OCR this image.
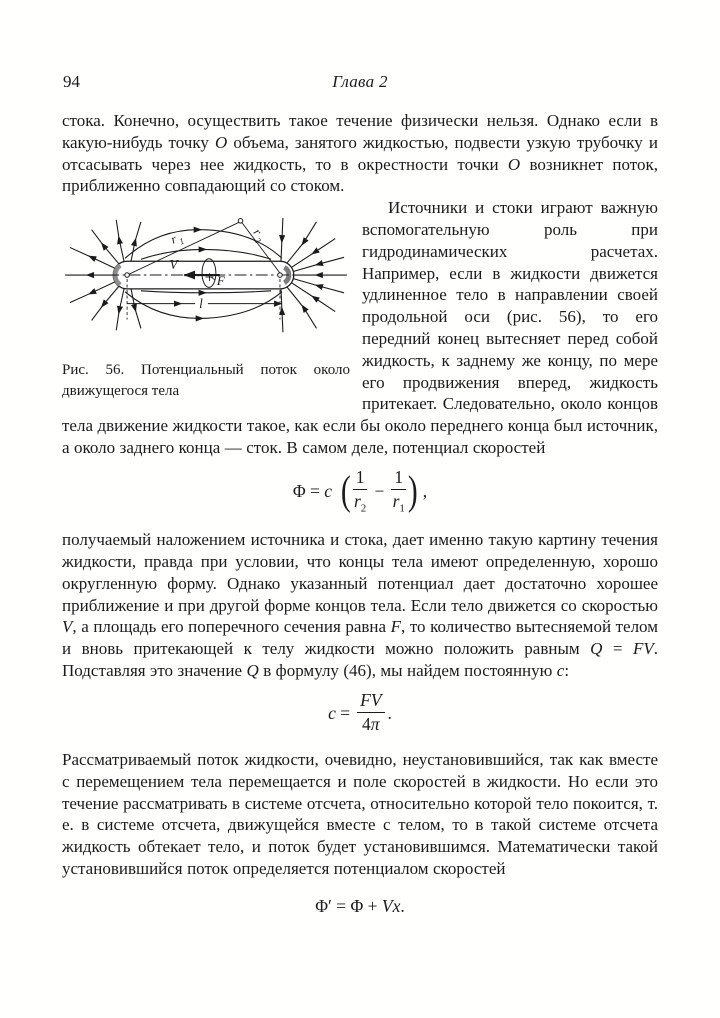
94	Глава 2

стока. Конечно, осуществить такое течение физически нельзя. Однако если в какую-нибудь точку O объема, занятого жидкостью, подвести узкую трубочку и отсасывать через нее жидкость, то в окрестности точки O возникнет поток, приближенно совпадающий со стоком.

r 1
r
2
V
F
l

Рис. 56. Потенциальный поток около движущегося тела

Источники и стоки играют важную вспомогательную роль при гидродинамических расчетах. Например, если в жидкости движется удлиненное тело в направлении своей продольной оси (рис. 56), то его передний конец вытесняет перед собой жидкость, к заднему же концу, по мере его продвижения вперед, жидкость притекает. Следовательно, около концов тела движение жидкости такое, как если бы около переднего конца был источник, а около заднего конца — сток. В самом деле, потенциал скоростей

Φ = c ( $\frac{1}{r_2} - \frac{1}{r_1}$ ) ,

получаемый наложением источника и стока, дает именно такую картину течения жидкости, правда при условии, что концы тела имеют определенную, хорошо округленную форму. Однако указанный потенциал дает достаточно хорошее приближение и при другой форме концов тела. Если тело движется со скоростью V, а площадь его поперечного сечения равна F, то количество вытесняемой телом и вновь притекающей к телу жидкости можно положить равным Q = FV. Подставляя это значение Q в формулу (46), мы найдем постоянную c:

$c = \frac{FV}{4\pi}$ .

Рассматриваемый поток жидкости, очевидно, неустановившийся, так как вместе с перемещением тела перемещается и поле скоростей в жидкости. Но если это течение рассматривать в системе отсчета, относительно которой тело покоится, т. е. в системе отсчета, движущейся вместе с телом, то в такой системе отсчета жидкость обтекает тело, и поток будет установившимся. Математически такой установившийся поток определяется потенциалом скоростей

Φ′ = Φ + Vx.
